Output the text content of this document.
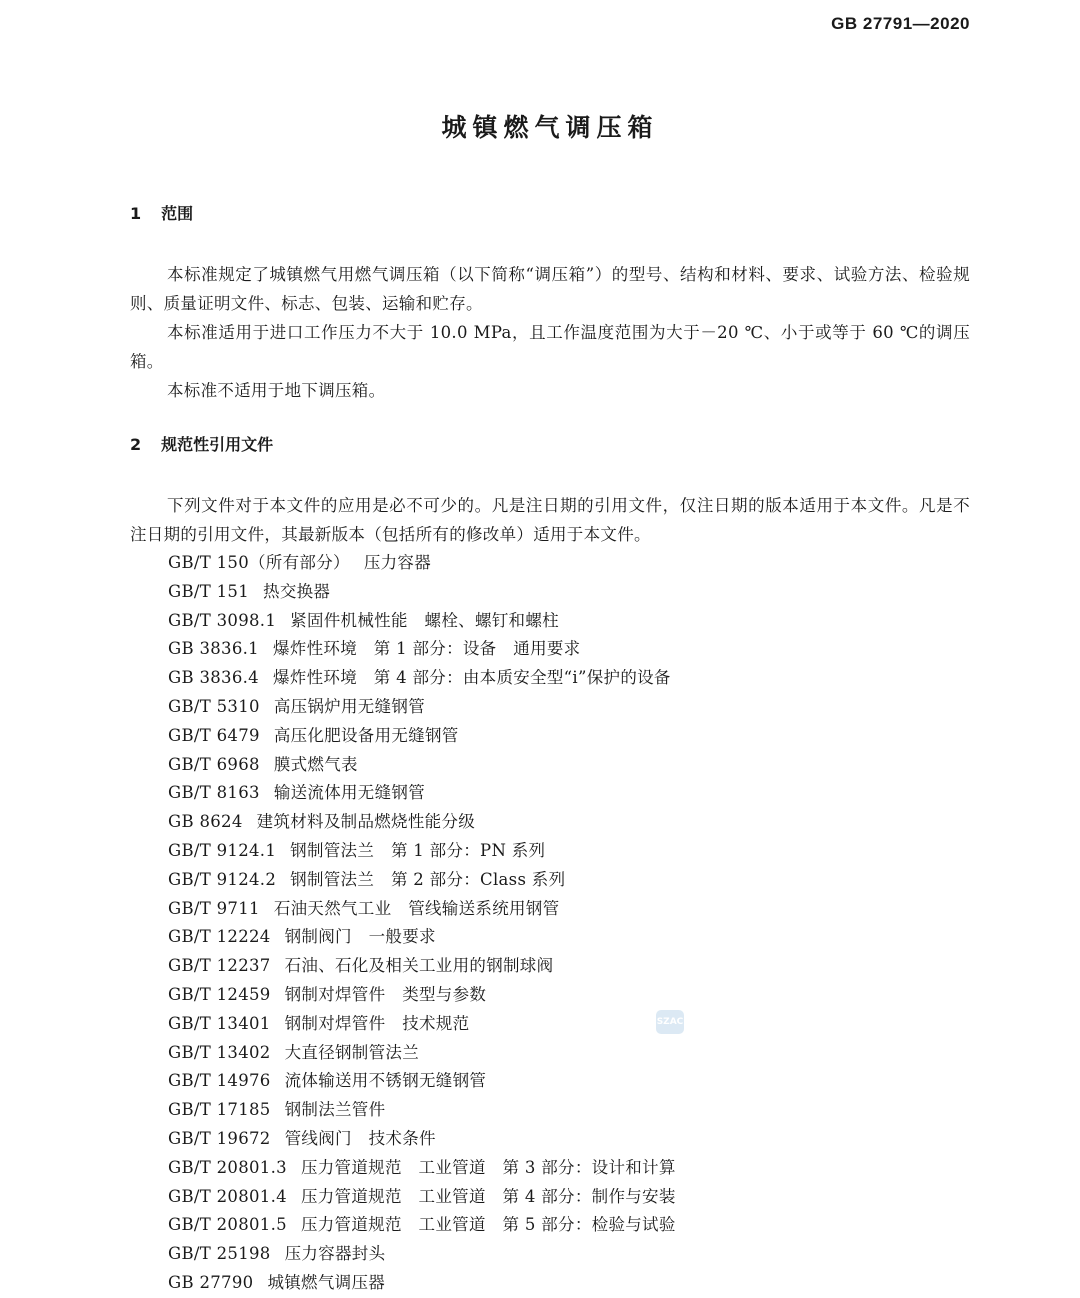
GB 27791—2020
城镇燃气调压箱
1 范围

本标准规定了城镇燃气用燃气调压箱（以下简称“调压箱”）的型号、结构和材料、要求、试验方法、检验规则、质量证明文件、标志、包装、运输和贮存。

本标准适用于进口工作压力不大于 10.0 MPa，且工作温度范围为大于－20 ℃、小于或等于 60 ℃的调压箱。

本标准不适用于地下调压箱。

2 规范性引用文件

下列文件对于本文件的应用是必不可少的。凡是注日期的引用文件，仅注日期的版本适用于本文件。凡是不注日期的引用文件，其最新版本（包括所有的修改单）适用于本文件。

GB/T 150（所有部分） 压力容器
GB/T 151 热交换器
GB/T 3098.1 紧固件机械性能　螺栓、螺钉和螺柱
GB 3836.1 爆炸性环境　第 1 部分：设备　通用要求
GB 3836.4 爆炸性环境　第 4 部分：由本质安全型“i”保护的设备
GB/T 5310 高压锅炉用无缝钢管
GB/T 6479 高压化肥设备用无缝钢管
GB/T 6968 膜式燃气表
GB/T 8163 输送流体用无缝钢管
GB 8624 建筑材料及制品燃烧性能分级
GB/T 9124.1 钢制管法兰　第 1 部分：PN 系列
GB/T 9124.2 钢制管法兰　第 2 部分：Class 系列
GB/T 9711 石油天然气工业　管线输送系统用钢管
GB/T 12224 钢制阀门　一般要求
GB/T 12237 石油、石化及相关工业用的钢制球阀
GB/T 12459 钢制对焊管件　类型与参数
GB/T 13401 钢制对焊管件　技术规范
GB/T 13402 大直径钢制管法兰
GB/T 14976 流体输送用不锈钢无缝钢管
GB/T 17185 钢制法兰管件
GB/T 19672 管线阀门　技术条件
GB/T 20801.3 压力管道规范　工业管道　第 3 部分：设计和计算
GB/T 20801.4 压力管道规范　工业管道　第 4 部分：制作与安装
GB/T 20801.5 压力管道规范　工业管道　第 5 部分：检验与试验
GB/T 25198 压力容器封头
GB 27790 城镇燃气调压器
SZAC
